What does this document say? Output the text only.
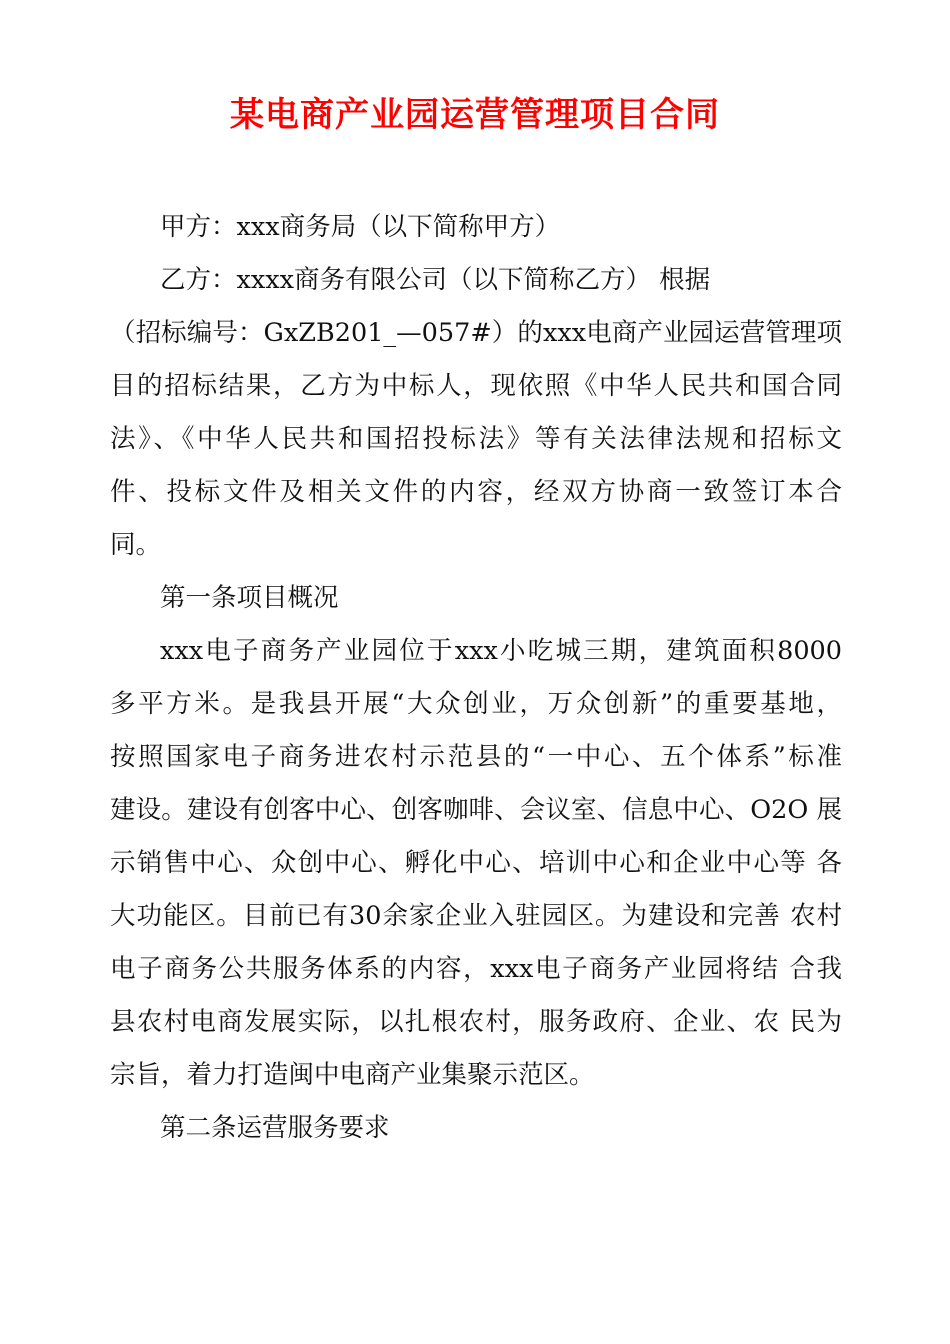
某电商产业园运营管理项目合同
甲方：xxx商务局（以下简称甲方）
乙方：xxxx商务有限公司（以下简称乙方） 根据
（招标编号：GxZB201_—057#）的xxx电商产业园运营管理项
目的招标结果，乙方为中标人，现依照《中华人民共和国合同
法》、《中华人民共和国招投标法》等有关法律法规和招标文
件、投标文件及相关文件的内容，经双方协商一致签订本合
同。
第一条项目概况
xxx电子商务产业园位于xxx小吃城三期，建筑面积8000
多平方米。是我县开展“大众创业，万众创新”的重要基地，
按照国家电子商务进农村示范县的“一中心、五个体系”标准
建设。建设有创客中心、创客咖啡、会议室、信息中心、O2O 展
示销售中心、众创中心、孵化中心、培训中心和企业中心等 各
大功能区。目前已有30余家企业入驻园区。为建设和完善 农村
电子商务公共服务体系的内容，xxx电子商务产业园将结 合我
县农村电商发展实际，以扎根农村，服务政府、企业、农 民为
宗旨，着力打造闽中电商产业集聚示范区。
第二条运营服务要求
